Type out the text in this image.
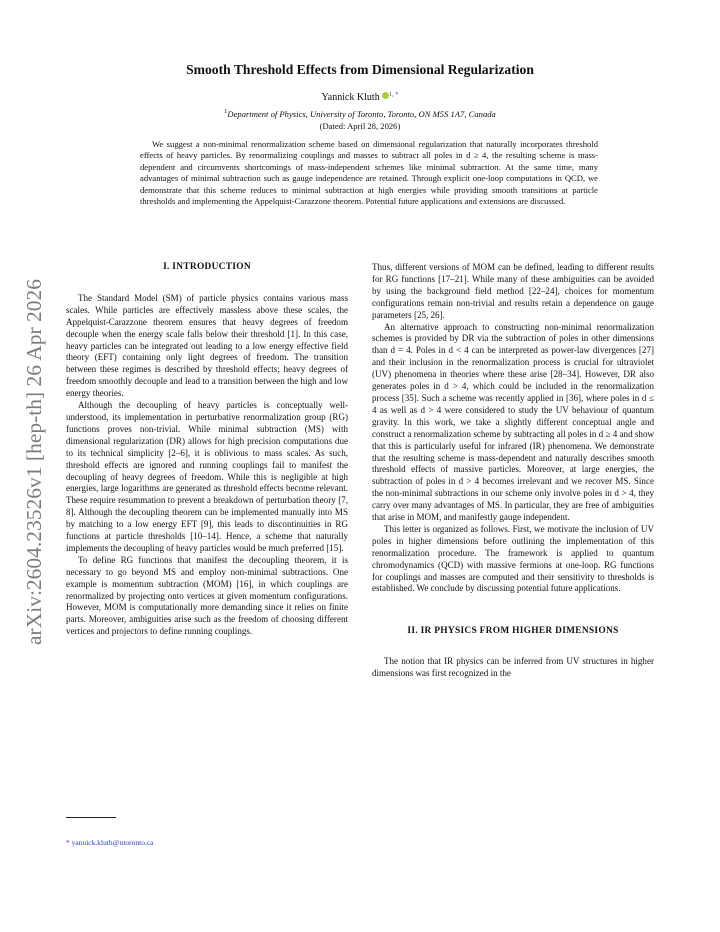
arXiv:2604.23526v1 [hep-th] 26 Apr 2026
Smooth Threshold Effects from Dimensional Regularization
Yannick Kluth $^{1, *}$
$^1$Department of Physics, University of Toronto, Toronto, ON M5S 1A7, Canada
(Dated: April 28, 2026)
We suggest a non-minimal renormalization scheme based on dimensional regularization that naturally incorporates threshold effects of heavy particles. By renormalizing couplings and masses to subtract all poles in d ≥ 4, the resulting scheme is mass-dependent and circumvents shortcomings of mass-independent schemes like minimal subtraction. At the same time, many advantages of minimal subtraction such as gauge independence are retained. Through explicit one-loop computations in QCD, we demonstrate that this scheme reduces to minimal subtraction at high energies while providing smooth transitions at particle thresholds and implementing the Appelquist-Carazzone theorem. Potential future applications and extensions are discussed.
I. INTRODUCTION

The Standard Model (SM) of particle physics contains various mass scales. While particles are effectively massless above these scales, the Appelquist-Carazzone theorem ensures that heavy degrees of freedom decouple when the energy scale falls below their threshold [1]. In this case, heavy particles can be integrated out leading to a low energy effective field theory (EFT) containing only light degrees of freedom. The transition between these regimes is described by threshold effects; heavy degrees of freedom smoothly decouple and lead to a transition between the high and low energy theories.

Although the decoupling of heavy particles is conceptually well-understood, its implementation in perturbative renormalization group (RG) functions proves non-trivial. While minimal subtraction (MS) with dimensional regularization (DR) allows for high precision computations due to its technical simplicity [2–6], it is oblivious to mass scales. As such, threshold effects are ignored and running couplings fail to manifest the decoupling of heavy degrees of freedom. While this is negligible at high energies, large logarithms are generated as threshold effects become relevant. These require resummation to prevent a breakdown of perturbation theory [7, 8]. Although the decoupling theorem can be implemented manually into MS by matching to a low energy EFT [9], this leads to discontinuities in RG functions at particle thresholds [10–14]. Hence, a scheme that naturally implements the decoupling of heavy particles would be much preferred [15].

To define RG functions that manifest the decoupling theorem, it is necessary to go beyond MS and employ non-minimal subtractions. One example is momentum subtraction (MOM) [16], in which couplings are renormalized by projecting onto vertices at given momentum configurations. However, MOM is computationally more demanding since it relies on finite parts. Moreover, ambiguities arise such as the freedom of choosing different vertices and projectors to define running couplings.

Thus, different versions of MOM can be defined, leading to different results for RG functions [17–21]. While many of these ambiguities can be avoided by using the background field method [22–24], choices for momentum configurations remain non-trivial and results retain a dependence on gauge parameters [25, 26].

An alternative approach to constructing non-minimal renormalization schemes is provided by DR via the subtraction of poles in other dimensions than d = 4. Poles in d < 4 can be interpreted as power-law divergences [27] and their inclusion in the renormalization process is crucial for ultraviolet (UV) phenomena in theories where these arise [28–34]. However, DR also generates poles in d > 4, which could be included in the renormalization process [35]. Such a scheme was recently applied in [36], where poles in d ≤ 4 as well as d > 4 were considered to study the UV behaviour of quantum gravity. In this work, we take a slightly different conceptual angle and construct a renormalization scheme by subtracting all poles in d ≥ 4 and show that this is particularly useful for infrared (IR) phenomena. We demonstrate that the resulting scheme is mass-dependent and naturally describes smooth threshold effects of massive particles. Moreover, at large energies, the subtraction of poles in d > 4 becomes irrelevant and we recover MS. Since the non-minimal subtractions in our scheme only involve poles in d > 4, they carry over many advantages of MS. In particular, they are free of ambiguities that arise in MOM, and manifestly gauge independent.

This letter is organized as follows. First, we motivate the inclusion of UV poles in higher dimensions before outlining the implementation of this renormalization procedure. The framework is applied to quantum chromodynamics (QCD) with massive fermions at one-loop. RG functions for couplings and masses are computed and their sensitivity to thresholds is established. We conclude by discussing potential future applications.

II. IR PHYSICS FROM HIGHER DIMENSIONS

The notion that IR physics can be inferred from UV structures in higher dimensions was first recognized in the

* yannick.kluth@utoronto.ca
